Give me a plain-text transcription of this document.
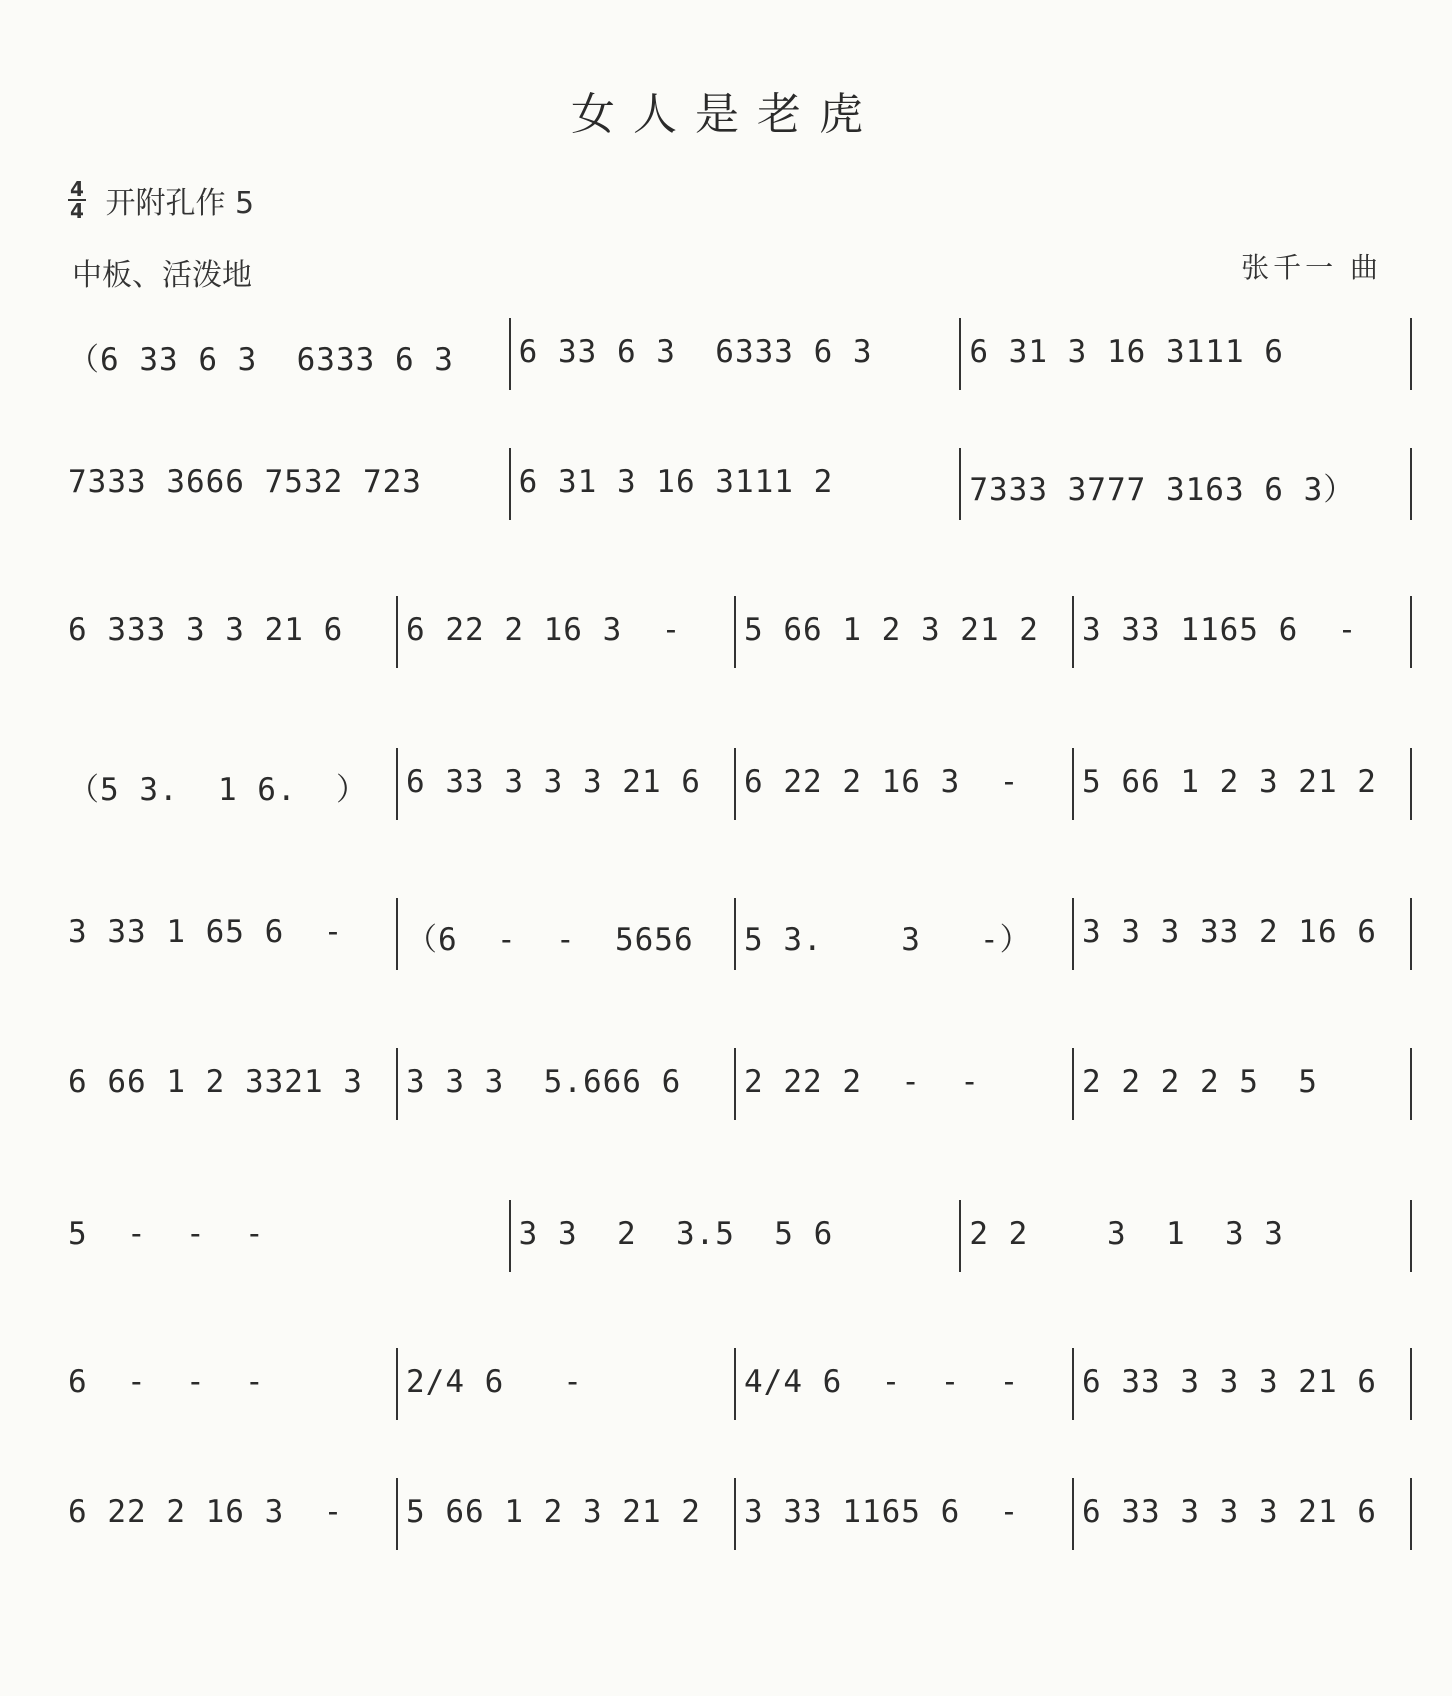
女人是老虎
$\frac{4}{4}$ 开附孔作 5
中板、活泼地	张千一 曲
（6 33 6 3  6333 6 3	6 33 6 3  6333 6 3	6 31 3 16 3111 6
7333 3666 7532 723	6 31 3 16 3111 2	7333 3777 3163 6 3）
6 333 3 3 21 6	6 22 2 16 3  -	5 66 1 2 3 21 2	3 33 1165 6  -
（5 3.  1 6.  ）	6 33 3 3 3 21 6	6 22 2 16 3  -	5 66 1 2 3 21 2
3 33 1 65 6  -	（6  -  -  5656	5 3.    3   -）	3 3 3 33 2 16 6
6 66 1 2 3321 3	3 3 3  5.666 6	2 22 2  -  -	2 2 2 2 5  5
5  -  -  -	3 3  2  3.5  5 6	2 2    3  1  3 3
6  -  -  -	2/4 6   -	4/4 6  -  -  -	6 33 3 3 3 21 6
6 22 2 16 3  -	5 66 1 2 3 21 2	3 33 1165 6  -	6 33 3 3 3 21 6
